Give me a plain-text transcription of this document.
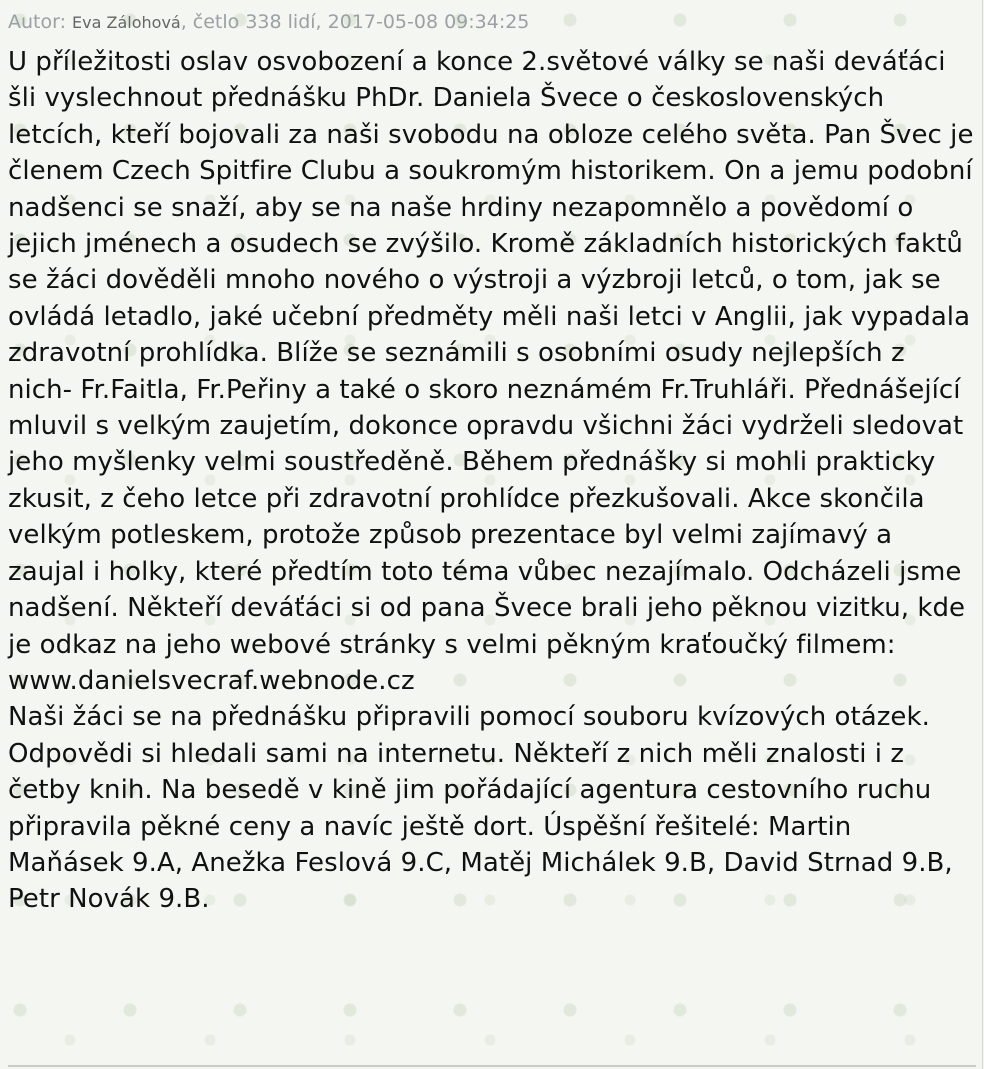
Autor: Eva Zálohová, četlo 338 lidí, 2017-05-08 09:34:25

U příležitosti oslav osvobození a konce 2.světové války se naši deváťáci šli vyslechnout přednášku PhDr. Daniela Švece o československých letcích, kteří bojovali za naši svobodu na obloze celého světa. Pan Švec je členem Czech Spitfire Clubu a soukromým historikem. On a jemu podobní nadšenci se snaží, aby se na naše hrdiny nezapomnělo a povědomí o jejich jménech a osudech se zvýšilo. Kromě základních historických faktů se žáci dověděli mnoho nového o výstroji a výzbroji letců, o tom, jak se ovládá letadlo, jaké učební předměty měli naši letci v Anglii, jak vypadala zdravotní prohlídka. Blíže se seznámili s osobními osudy nejlepších z nich- Fr.Faitla, Fr.Peřiny a také o skoro neznámém Fr.Truhláři. Přednášející mluvil s velkým zaujetím, dokonce opravdu všichni žáci vydrželi sledovat jeho myšlenky velmi soustředěně. Během přednášky si mohli prakticky zkusit, z čeho letce při zdravotní prohlídce přezkušovali. Akce skončila velkým potleskem, protože způsob prezentace byl velmi zajímavý a zaujal i holky, které předtím toto téma vůbec nezajímalo. Odcházeli jsme nadšení. Někteří deváťáci si od pana Švece brali jeho pěknou vizitku, kde je odkaz na jeho webové stránky s velmi pěkným kraťoučký filmem:

www.danielsvecraf.webnode.cz

Naši žáci se na přednášku připravili pomocí souboru kvízových otázek. Odpovědi si hledali sami na internetu. Někteří z nich měli znalosti i z četby knih. Na besedě v kině jim pořádající agentura cestovního ruchu připravila pěkné ceny a navíc ještě dort. Úspěšní řešitelé: Martin Maňásek 9.A, Anežka Feslová 9.C, Matěj Michálek 9.B, David Strnad 9.B, Petr Novák 9.B.
